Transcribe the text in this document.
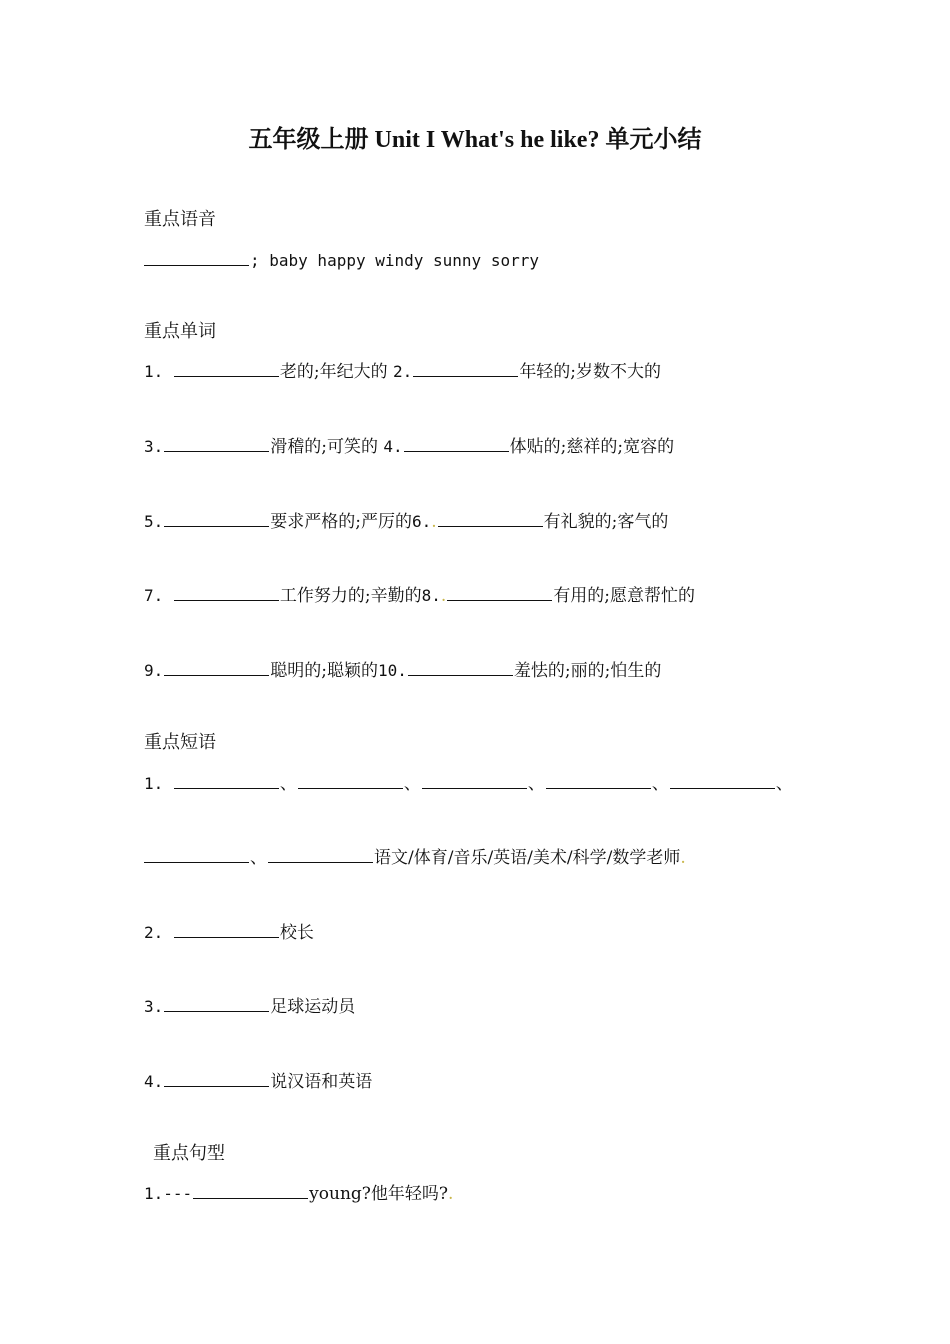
五年级上册 Unit I What's he like? 单元小结
重点语音
; baby happy windy sunny sorry
重点单词
1.	老的;年纪大的 2.	年轻的;岁数不大的
3.	滑稽的;可笑的 4.	体贴的;慈祥的;宽容的
5.	要求严格的;严厉的6..	有礼貌的;客气的
7.	工作努力的;辛勤的8..	有用的;愿意帮忙的
9.	聪明的;聪颖的10.	羞怯的;丽的;怕生的
重点短语
1.	、	、	、	、	、
、	语文/体育/音乐/英语/美术/科学/数学老师.
2.	校长
3.	足球运动员
4.	说汉语和英语
重点句型
1.---	young?他年轻吗?.
